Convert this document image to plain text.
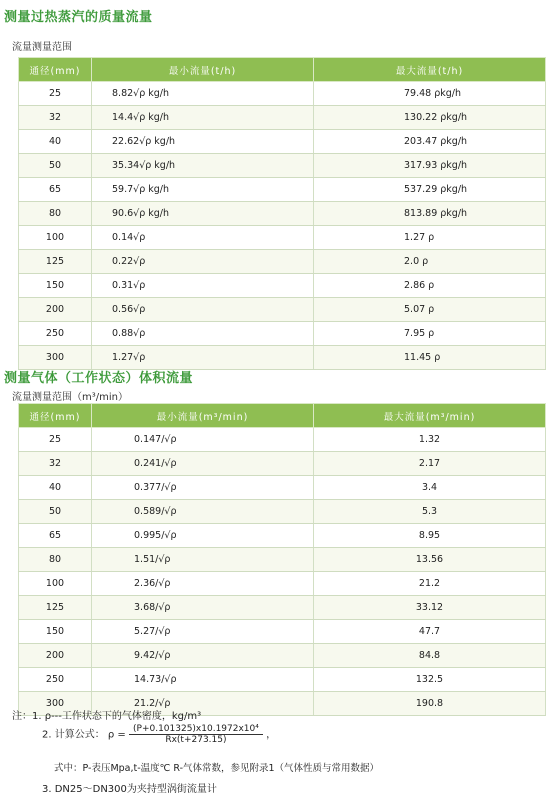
测量过热蒸汽的质量流量
流量测量范围
通径(mm)	最小流量(t/h)	最大流量(t/h)
25	8.82√ρ kg/h	79.48 ρkg/h
32	14.4√ρ kg/h	130.22 ρkg/h
40	22.62√ρ kg/h	203.47 ρkg/h
50	35.34√ρ kg/h	317.93 ρkg/h
65	59.7√ρ kg/h	537.29 ρkg/h
80	90.6√ρ kg/h	813.89 ρkg/h
100	0.14√ρ	1.27 ρ
125	0.22√ρ	2.0 ρ
150	0.31√ρ	2.86 ρ
200	0.56√ρ	5.07 ρ
250	0.88√ρ	7.95 ρ
300	1.27√ρ	11.45 ρ
测量气体（工作状态）体积流量
流量测量范围（m³/min）
通径(mm)	最小流量(m³/min)	最大流量(m³/min)
25	0.147/√ρ	1.32
32	0.241/√ρ	2.17
40	0.377/√ρ	3.4
50	0.589/√ρ	5.3
65	0.995/√ρ	8.95
80	1.51/√ρ	13.56
100	2.36/√ρ	21.2
125	3.68/√ρ	33.12
150	5.27/√ρ	47.7
200	9.42/√ρ	84.8
250	14.73/√ρ	132.5
300	21.2/√ρ	190.8
注：1. ρ---工作状态下的气体密度，kg/m³
2. 计算公式： $\rho = \frac{\text{(P+0.101325)x10.1972x10⁴}}{Rx(t+273.15)}$ ，
式中：P-表压Mpa,t-温度℃ R-气体常数，参见附录1（气体性质与常用数据）
3. DN25～DN300为夹持型涡街流量计
